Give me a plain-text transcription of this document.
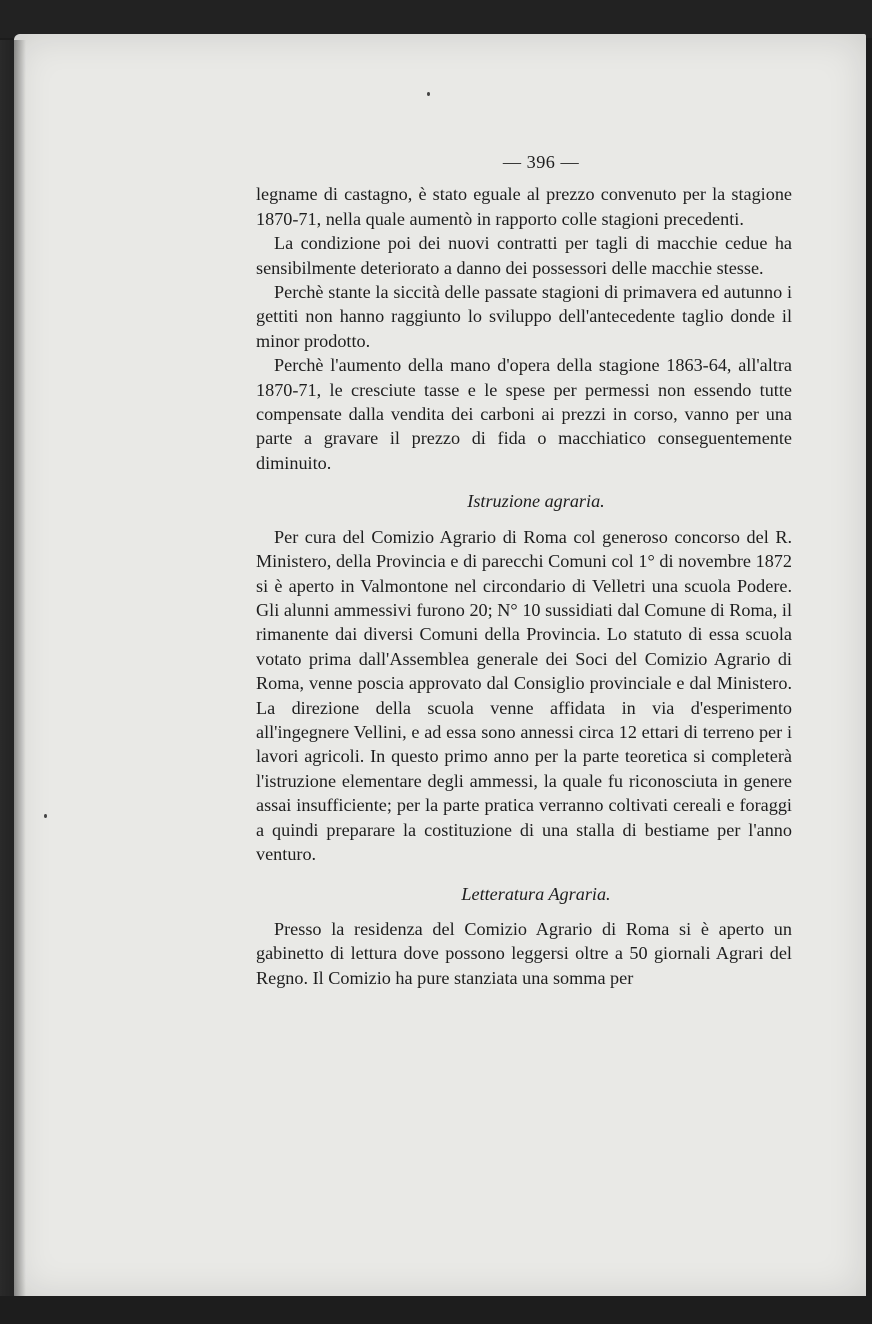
— 396 —

legname di castagno, è stato eguale al prezzo convenuto per la stagione 1870-71, nella quale aumentò in rapporto colle stagioni precedenti.

La condizione poi dei nuovi contratti per tagli di macchie cedue ha sensibilmente deteriorato a danno dei possessori delle macchie stesse.

Perchè stante la siccità delle passate stagioni di primavera ed autunno i gettiti non hanno raggiunto lo sviluppo dell'antecedente taglio donde il minor prodotto.

Perchè l'aumento della mano d'opera della stagione 1863-64, all'altra 1870-71, le cresciute tasse e le spese per permessi non essendo tutte compensate dalla vendita dei carboni ai prezzi in corso, vanno per una parte a gravare il prezzo di fida o macchiatico conseguentemente diminuito.

Istruzione agraria.

Per cura del Comizio Agrario di Roma col generoso concorso del R. Ministero, della Provincia e di parecchi Comuni col 1° di novembre 1872 si è aperto in Valmontone nel circondario di Velletri una scuola Podere. Gli alunni ammessivi furono 20; N° 10 sussidiati dal Comune di Roma, il rimanente dai diversi Comuni della Provincia. Lo statuto di essa scuola votato prima dall'Assemblea generale dei Soci del Comizio Agrario di Roma, venne poscia approvato dal Consiglio provinciale e dal Ministero. La direzione della scuola venne affidata in via d'esperimento all'ingegnere Vellini, e ad essa sono annessi circa 12 ettari di terreno per i lavori agricoli. In questo primo anno per la parte teoretica si completerà l'istruzione elementare degli ammessi, la quale fu riconosciuta in genere assai insufficiente; per la parte pratica verranno coltivati cereali e foraggi a quindi preparare la costituzione di una stalla di bestiame per l'anno venturo.

Letteratura Agraria.

Presso la residenza del Comizio Agrario di Roma si è aperto un gabinetto di lettura dove possono leggersi oltre a 50 giornali Agrari del Regno. Il Comizio ha pure stanziata una somma per
